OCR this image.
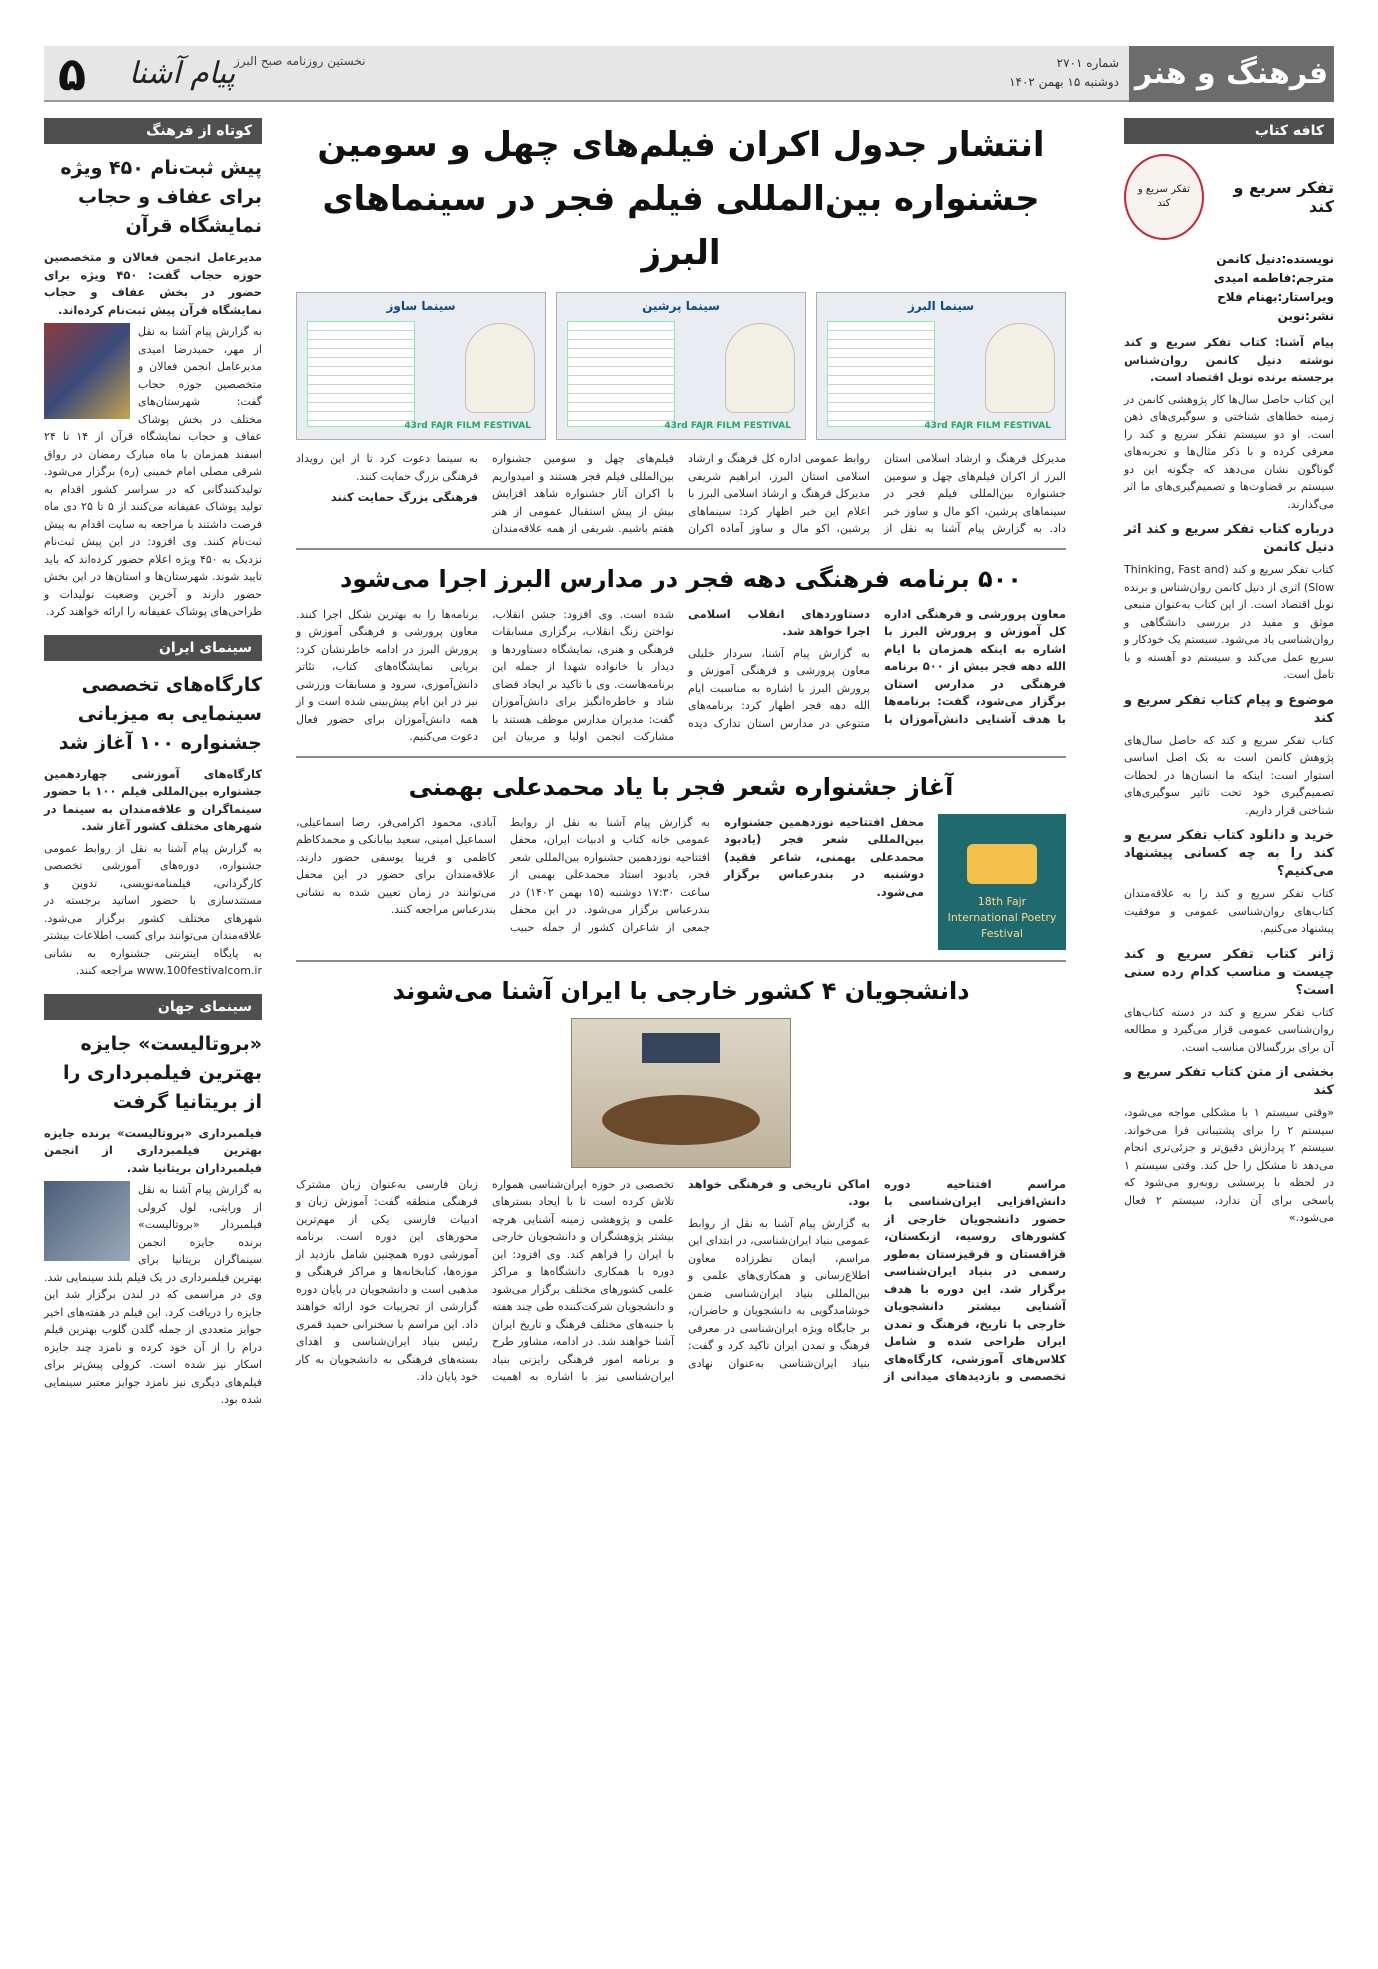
فرهنگ و هنر
شماره ۲۷۰۱
دوشنبه ۱۵ بهمن ۱۴۰۲
نخستین روزنامه صبح البرز
پیام آشنا
۵
کافه کتاب
تفکر سریع و کند
تفکر سریع و کند
نویسنده:دنیل کانمن
مترجم:فاطمه امیدی
ویراستار:بهنام فلاح
نشر:نوین

پیام آشنا: کتاب تفکر سریع و کند نوشته دنیل کانمن روان‌شناس برجسته برنده نوبل اقتصاد است.

این کتاب حاصل سال‌ها کار پژوهشی کانمن در زمینه خطاهای شناختی و سوگیری‌های ذهن است. او دو سیستم تفکر سریع و کند را معرفی کرده و با ذکر مثال‌ها و تجربه‌های گوناگون نشان می‌دهد که چگونه این دو سیستم بر قضاوت‌ها و تصمیم‌گیری‌های ما اثر می‌گذارند.

درباره کتاب تفکر سریع و کند اثر دنیل کانمن

کتاب تفکر سریع و کند (Thinking, Fast and Slow) اثری از دنیل کانمن روان‌شناس و برنده نوبل اقتصاد است. از این کتاب به‌عنوان منبعی موثق و مفید در بررسی دانشگاهی و روان‌شناسی یاد می‌شود. سیستم یک خودکار و سریع عمل می‌کند و سیستم دو آهسته و با تامل است.

موضوع و پیام کتاب تفکر سریع و کند

کتاب تفکر سریع و کند که حاصل سال‌های پژوهش کانمن است به یک اصل اساسی استوار است: اینکه ما انسان‌ها در لحظات تصمیم‌گیری خود تحت تاثیر سوگیری‌های شناختی قرار داریم.

خرید و دانلود کتاب تفکر سریع و کند را به چه کسانی پیشنهاد می‌کنیم؟

کتاب تفکر سریع و کند را به علاقه‌مندان کتاب‌های روان‌شناسی عمومی و موفقیت پیشنهاد می‌کنیم.

ژانر کتاب تفکر سریع و کند چیست و مناسب کدام رده سنی است؟

کتاب تفکر سریع و کند در دسته کتاب‌های روان‌شناسی عمومی قرار می‌گیرد و مطالعه آن برای بزرگسالان مناسب است.

بخشی از متن کتاب تفکر سریع و کند

«وقتی سیستم ۱ با مشکلی مواجه می‌شود، سیستم ۲ را برای پشتیبانی فرا می‌خواند. سیستم ۲ پردازش دقیق‌تر و جزئی‌تری انجام می‌دهد تا مشکل را حل کند. وقتی سیستم ۱ در لحظه با پرسشی روبه‌رو می‌شود که پاسخی برای آن ندارد، سیستم ۲ فعال می‌شود.»

انتشار جدول اکران فیلم‌های چهل و سومین جشنواره بین‌المللی فیلم فجر در سینماهای البرز
سینما البرز
43rd FAJR FILM FESTIVAL
سینما پرشین
43rd FAJR FILM FESTIVAL
سینما ساوز
43rd FAJR FILM FESTIVAL

مدیرکل فرهنگ و ارشاد اسلامی استان البرز از اکران فیلم‌های چهل و سومین جشنواره بین‌المللی فیلم فجر در سینماهای پرشین، اکو مال و ساوز خبر داد. به گزارش پیام آشنا به نقل از روابط عمومی اداره کل فرهنگ و ارشاد اسلامی استان البرز، ابراهیم شریفی مدیرکل فرهنگ و ارشاد اسلامی البرز با اعلام این خبر اظهار کرد: سینماهای پرشین، اکو مال و ساوز آماده اکران فیلم‌های چهل و سومین جشنواره بین‌المللی فیلم فجر هستند و امیدواریم با اکران آثار جشنواره شاهد افزایش بیش از پیش استقبال عمومی از هنر هفتم باشیم. شریفی از همه علاقه‌مندان به سینما دعوت کرد تا از این رویداد فرهنگی بزرگ حمایت کنند.

فرهنگی بزرگ حمایت کنند

۵۰۰ برنامه فرهنگی دهه فجر در مدارس البرز اجرا می‌شود

معاون پرورشی و فرهنگی اداره کل آموزش و پرورش البرز با اشاره به اینکه همزمان با ایام الله دهه فجر بیش از ۵۰۰ برنامه فرهنگی در مدارس استان برگزار می‌شود، گفت: برنامه‌ها با هدف آشنایی دانش‌آموزان با دستاوردهای انقلاب اسلامی اجرا خواهد شد.

به گزارش پیام آشنا، سردار خلیلی معاون پرورشی و فرهنگی آموزش و پرورش البرز با اشاره به مناسبت ایام الله دهه فجر اظهار کرد: برنامه‌های متنوعی در مدارس استان تدارک دیده شده است. وی افزود: جشن انقلاب، نواختن زنگ انقلاب، برگزاری مسابقات فرهنگی و هنری، نمایشگاه دستاوردها و دیدار با خانواده شهدا از جمله این برنامه‌هاست. وی با تاکید بر ایجاد فضای شاد و خاطره‌انگیز برای دانش‌آموزان گفت: مدیران مدارس موظف هستند با مشارکت انجمن اولیا و مربیان این برنامه‌ها را به بهترین شکل اجرا کنند. معاون پرورشی و فرهنگی آموزش و پرورش البرز در ادامه خاطرنشان کرد: برپایی نمایشگاه‌های کتاب، تئاتر دانش‌آموزی، سرود و مسابقات ورزشی نیز در این ایام پیش‌بینی شده است و از همه دانش‌آموزان برای حضور فعال دعوت می‌کنیم.

آغاز جشنواره شعر فجر با یاد محمدعلی بهمنی
18th Fajr International Poetry Festival

محفل افتتاحیه نوزدهمین جشنواره بین‌المللی شعر فجر (یادبود محمدعلی بهمنی، شاعر فقید) دوشنبه در بندرعباس برگزار می‌شود.

به گزارش پیام آشنا به نقل از روابط عمومی خانه کتاب و ادبیات ایران، محفل افتتاحیه نوزدهمین جشنواره بین‌المللی شعر فجر، یادبود استاد محمدعلی بهمنی از ساعت ۱۷:۳۰ دوشنبه (۱۵ بهمن ۱۴۰۲) در بندرعباس برگزار می‌شود. در این محفل جمعی از شاعران کشور از جمله حبیب آبادی، محمود اکرامی‌فر، رضا اسماعیلی، اسماعیل امینی، سعید بیابانکی و محمدکاظم کاظمی و فریبا یوسفی حضور دارند. علاقه‌مندان برای حضور در این محفل می‌توانند در زمان تعیین شده به نشانی بندرعباس مراجعه کنند.

دانشجویان ۴ کشور خارجی با ایران آشنا می‌شوند

مراسم افتتاحیه دوره دانش‌افزایی ایران‌شناسی با حضور دانشجویان خارجی از کشورهای روسیه، ازبکستان، قزاقستان و قرقیزستان به‌طور رسمی در بنیاد ایران‌شناسی برگزار شد. این دوره با هدف آشنایی بیشتر دانشجویان خارجی با تاریخ، فرهنگ و تمدن ایران طراحی شده و شامل کلاس‌های آموزشی، کارگاه‌های تخصصی و بازدیدهای میدانی از اماکن تاریخی و فرهنگی خواهد بود.

به گزارش پیام آشنا به نقل از روابط عمومی بنیاد ایران‌شناسی، در ابتدای این مراسم، ایمان نظرزاده معاون اطلاع‌رسانی و همکاری‌های علمی و بین‌المللی بنیاد ایران‌شناسی ضمن خوشامدگویی به دانشجویان و حاضران، بر جایگاه ویژه ایران‌شناسی در معرفی فرهنگ و تمدن ایران تاکید کرد و گفت: بنیاد ایران‌شناسی به‌عنوان نهادی تخصصی در حوزه ایران‌شناسی همواره تلاش کرده است تا با ایجاد بسترهای علمی و پژوهشی زمینه آشنایی هرچه بیشتر پژوهشگران و دانشجویان خارجی با ایران را فراهم کند. وی افزود: این دوره با همکاری دانشگاه‌ها و مراکز علمی کشورهای مختلف برگزار می‌شود و دانشجویان شرکت‌کننده طی چند هفته با جنبه‌های مختلف فرهنگ و تاریخ ایران آشنا خواهند شد. در ادامه، مشاور طرح و برنامه امور فرهنگی رایزنی بنیاد ایران‌شناسی نیز با اشاره به اهمیت زبان فارسی به‌عنوان زبان مشترک فرهنگی منطقه گفت: آموزش زبان و ادبیات فارسی یکی از مهم‌ترین محورهای این دوره است. برنامه آموزشی دوره همچنین شامل بازدید از موزه‌ها، کتابخانه‌ها و مراکز فرهنگی و مذهبی است و دانشجویان در پایان دوره گزارشی از تجربیات خود ارائه خواهند داد. این مراسم با سخنرانی حمید قمری رئیس بنیاد ایران‌شناسی و اهدای بسته‌های فرهنگی به دانشجویان به کار خود پایان داد.

کوتاه از فرهنگ
پیش ثبت‌نام ۴۵۰ ویژه برای عفاف و حجاب نمایشگاه قرآن

مدیرعامل انجمن فعالان و متخصصین حوزه حجاب گفت: ۴۵۰ ویژه برای حضور در بخش عفاف و حجاب نمایشگاه قرآن پیش ثبت‌نام کرده‌اند.

به گزارش پیام آشنا به نقل از مهر، حمیدرضا امیدی مدیرعامل انجمن فعالان و متخصصین حوزه حجاب گفت: شهرستان‌های مختلف در بخش پوشاک عفاف و حجاب نمایشگاه قرآن از ۱۴ تا ۲۴ اسفند همزمان با ماه مبارک رمضان در رواق شرقی مصلی امام خمینی (ره) برگزار می‌شود. تولیدکنندگانی که در سراسر کشور اقدام به تولید پوشاک عفیفانه می‌کنند از ۵ تا ۲۵ دی ماه فرصت داشتند با مراجعه به سایت اقدام به پیش ثبت‌نام کنند. وی افزود: در این پیش ثبت‌نام نزدیک به ۴۵۰ ویژه اعلام حضور کرده‌اند که باید تایید شوند. شهرستان‌ها و استان‌ها در این بخش حضور دارند و آخرین وضعیت تولیدات و طراحی‌های پوشاک عفیفانه را ارائه خواهند کرد.

سینمای ایران
کارگاه‌های تخصصی سینمایی به میزبانی جشنواره ۱۰۰ آغاز شد

کارگاه‌های آموزشی چهاردهمین جشنواره بین‌المللی فیلم ۱۰۰ با حضور سینماگران و علاقه‌مندان به سینما در شهرهای مختلف کشور آغاز شد.

به گزارش پیام آشنا به نقل از روابط عمومی جشنواره، دوره‌های آموزشی تخصصی کارگردانی، فیلمنامه‌نویسی، تدوین و مستندسازی با حضور اساتید برجسته در شهرهای مختلف کشور برگزار می‌شود. علاقه‌مندان می‌توانند برای کسب اطلاعات بیشتر به پایگاه اینترنتی جشنواره به نشانی www.100festivalcom.ir مراجعه کنند.

سینمای جهان
«بروتالیست» جایزه بهترین فیلمبرداری را از بریتانیا گرفت

فیلمبرداری «بروتالیست» برنده جایزه بهترین فیلمبرداری از انجمن فیلمبرداران بریتانیا شد.

به گزارش پیام آشنا به نقل از ورایتی، لول کرولی فیلمبردار «بروتالیست» برنده جایزه انجمن سینماگران بریتانیا برای بهترین فیلمبرداری در یک فیلم بلند سینمایی شد. وی در مراسمی که در لندن برگزار شد این جایزه را دریافت کرد. این فیلم در هفته‌های اخیر جوایز متعددی از جمله گلدن گلوب بهترین فیلم درام را از آن خود کرده و نامزد چند جایزه اسکار نیز شده است. کرولی پیش‌تر برای فیلم‌های دیگری نیز نامزد جوایز معتبر سینمایی شده بود.
